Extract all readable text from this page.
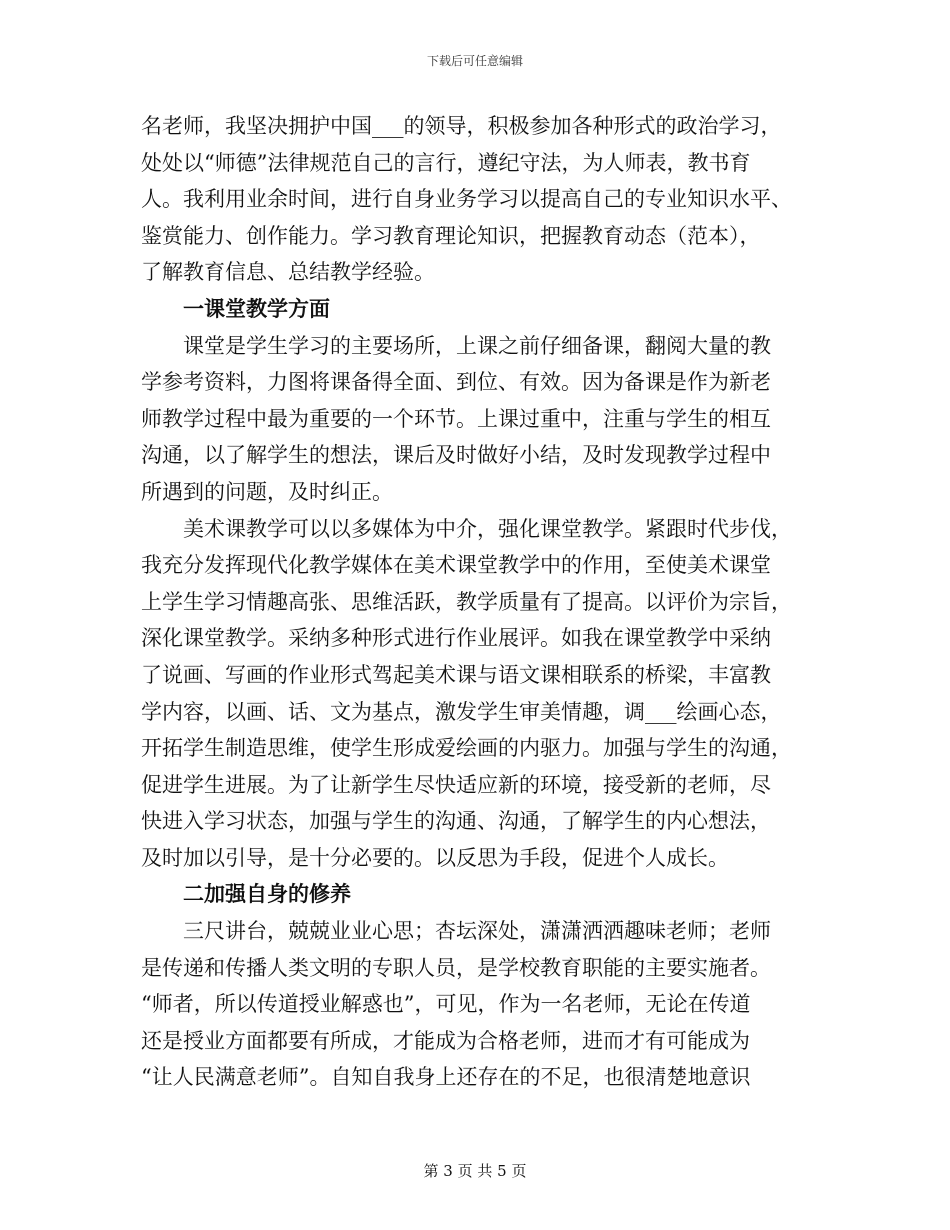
下载后可任意编辑
名老师，我坚决拥护中国___的领导，积极参加各种形式的政治学习，
处处以“师德”法律规范自己的言行，遵纪守法，为人师表，教书育
人。我利用业余时间，进行自身业务学习以提高自己的专业知识水平、
鉴赏能力、创作能力。学习教育理论知识，把握教育动态（范本），
了解教育信息、总结教学经验。
一课堂教学方面
课堂是学生学习的主要场所，上课之前仔细备课，翻阅大量的教
学参考资料，力图将课备得全面、到位、有效。因为备课是作为新老
师教学过程中最为重要的一个环节。上课过重中，注重与学生的相互
沟通，以了解学生的想法，课后及时做好小结，及时发现教学过程中
所遇到的问题，及时纠正。
美术课教学可以以多媒体为中介，强化课堂教学。紧跟时代步伐，
我充分发挥现代化教学媒体在美术课堂教学中的作用，至使美术课堂
上学生学习情趣高张、思维活跃，教学质量有了提高。以评价为宗旨，
深化课堂教学。采纳多种形式进行作业展评。如我在课堂教学中采纳
了说画、写画的作业形式驾起美术课与语文课相联系的桥梁，丰富教
学内容，以画、话、文为基点，激发学生审美情趣，调___绘画心态，
开拓学生制造思维，使学生形成爱绘画的内驱力。加强与学生的沟通，
促进学生进展。为了让新学生尽快适应新的环境，接受新的老师，尽
快进入学习状态，加强与学生的沟通、沟通，了解学生的内心想法，
及时加以引导，是十分必要的。以反思为手段，促进个人成长。
二加强自身的修养
三尺讲台，兢兢业业心思；杏坛深处，潇潇洒洒趣味老师；老师
是传递和传播人类文明的专职人员，是学校教育职能的主要实施者。
“师者，所以传道授业解惑也”，可见，作为一名老师，无论在传道
还是授业方面都要有所成，才能成为合格老师，进而才有可能成为
“让人民满意老师”。自知自我身上还存在的不足，也很清楚地意识
第 3 页 共 5 页
